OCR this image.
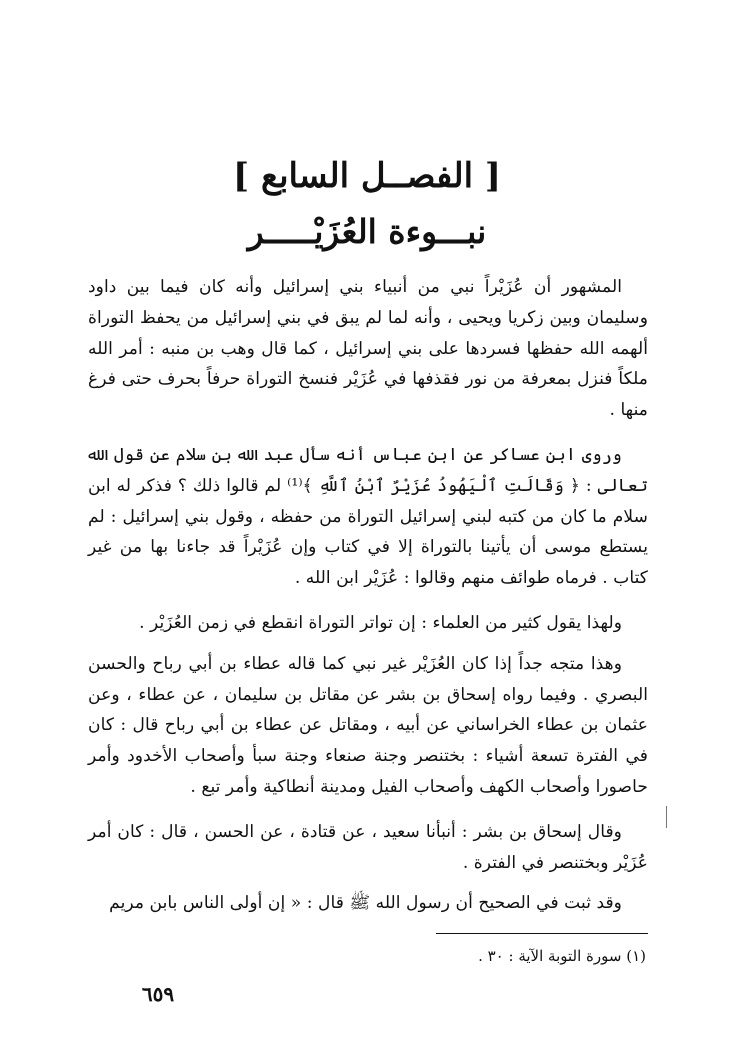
[ الفصــل السابع ]
نبـــوءة العُزَيْـــــر

المشهور أن عُزَيْراً نبي من أنبياء بني إسرائيل وأنه كان فيما بين داود وسليمان وبين زكريا ويحيى ، وأنه لما لم يبق في بني إسرائيل من يحفظ التوراة ألهمه الله حفظها فسردها على بني إسرائيل ، كما قال وهب بن منبه : أمر الله ملكاً فنزل بمعرفة من نور فقذفها في عُزَيْر فنسخ التوراة حرفاً بحرف حتى فرغ منها .

وروى ابن عساكر عن ابن عباس أنه سأل عبد الله بن سلام عن قول الله تعالى : ﴿ وَقَالَتِ ٱلْيَهُودُ عُزَيْرٌ ٱبْنُ ٱللَّهِ ﴾⁽¹⁾ لم قالوا ذلك ؟ فذكر له ابن سلام ما كان من كتبه لبني إسرائيل التوراة من حفظه ، وقول بني إسرائيل : لم يستطع موسى أن يأتينا بالتوراة إلا في كتاب وإن عُزَيْراً قد جاءنا بها من غير كتاب . فرماه طوائف منهم وقالوا : عُزَيْر ابن الله .

ولهذا يقول كثير من العلماء : إن تواتر التوراة انقطع في زمن العُزَيْر .

وهذا متجه جداً إذا كان العُزَيْر غير نبي كما قاله عطاء بن أبي رباح والحسن البصري . وفيما رواه إسحاق بن بشر عن مقاتل بن سليمان ، عن عطاء ، وعن عثمان بن عطاء الخراساني عن أبيه ، ومقاتل عن عطاء بن أبي رباح قال : كان في الفترة تسعة أشياء : بختنصر وجنة صنعاء وجنة سبأ وأصحاب الأخدود وأمر حاصورا وأصحاب الكهف وأصحاب الفيل ومدينة أنطاكية وأمر تبع .

وقال إسحاق بن بشر : أنبأنا سعيد ، عن قتادة ، عن الحسن ، قال : كان أمر عُزَيْر وبختنصر في الفترة .

وقد ثبت في الصحيح أن رسول الله ﷺ قال : « إن أولى الناس بابن مريم

(١) سورة التوبة الآية : ٣٠ .
٦٥٩
